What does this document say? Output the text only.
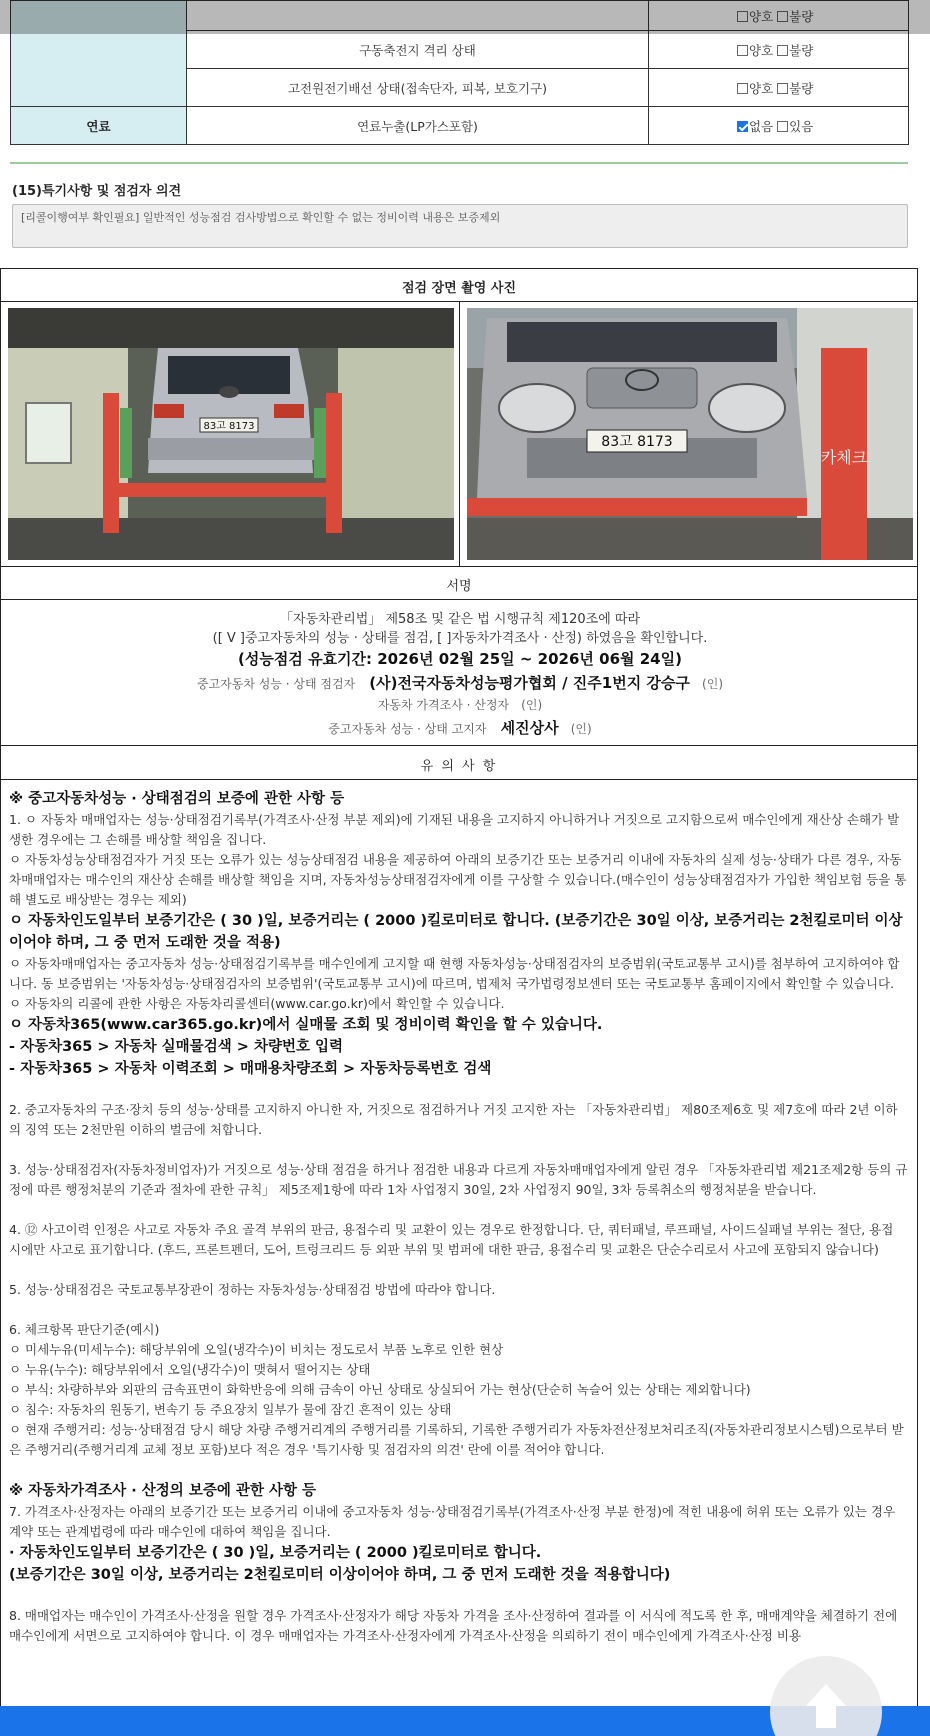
		양호 불량
	구동축전지 격리 상태	양호 불량
	고전원전기배선 상태(접속단자, 피복, 보호기구)	양호 불량
연료	연료누출(LP가스포함)	없음 있음
(15)특기사항 및 점검자 의견
[리콜이행여부 확인필요] 일반적인 성능점검 검사방법으로 확인할 수 없는 정비이력 내용은 보증제외
점검 장면 촬영 사진
83고 8173
83고 8173
카체크
서명
「자동차관리법」 제58조 및 같은 법 시행규칙 제120조에 따라
([ V ]중고자동차의 성능 · 상태를 점검, [ ]자동차가격조사 · 산정) 하였음을 확인합니다.
(성능점검 유효기간: 2026년 02월 25일 ~ 2026년 06월 24일)
중고자동차 성능 · 상태 점검자 (사)전국자동차성능평가협회 / 진주1번지 강승구 (인)
자동차 가격조사 · 산정자 (인)
중고자동차 성능 · 상태 고지자 세진상사 (인)
유 의 사 항

※ 중고자동차성능 · 상태점검의 보증에 관한 사항 등

1. ㅇ 자동차 매매업자는 성능·상태점검기록부(가격조사·산정 부분 제외)에 기재된 내용을 고지하지 아니하거나 거짓으로 고지함으로써 매수인에게 재산상 손해가 발생한 경우에는 그 손해를 배상할 책임을 집니다.

ㅇ 자동차성능상태점검자가 거짓 또는 오류가 있는 성능상태점검 내용을 제공하여 아래의 보증기간 또는 보증거리 이내에 자동차의 실제 성능·상태가 다른 경우, 자동차매매업자는 매수인의 재산상 손해를 배상할 책임을 지며, 자동차성능상태점검자에게 이를 구상할 수 있습니다.(매수인이 성능상태점검자가 가입한 책임보험 등을 통해 별도로 배상받는 경우는 제외)

ㅇ 자동차인도일부터 보증기간은 ( 30 )일, 보증거리는 ( 2000 )킬로미터로 합니다. (보증기간은 30일 이상, 보증거리는 2천킬로미터 이상이어야 하며, 그 중 먼저 도래한 것을 적용)

ㅇ 자동차매매업자는 중고자동차 성능·상태점검기록부를 매수인에게 고지할 때 현행 자동차성능·상태점검자의 보증범위(국토교통부 고시)를 첨부하여 고지하여야 합니다. 동 보증범위는 '자동차성능·상태점검자의 보증범위'(국토교통부 고시)에 따르며, 법제처 국가법령정보센터 또는 국토교통부 홈페이지에서 확인할 수 있습니다.

ㅇ 자동차의 리콜에 관한 사항은 자동차리콜센터(www.car.go.kr)에서 확인할 수 있습니다.

ㅇ 자동차365(www.car365.go.kr)에서 실매물 조회 및 정비이력 확인을 할 수 있습니다.

- 자동차365 > 자동차 실매물검색 > 차량번호 입력

- 자동차365 > 자동차 이력조회 > 매매용차량조회 > 자동차등록번호 검색

2. 중고자동차의 구조·장치 등의 성능·상태를 고지하지 아니한 자, 거짓으로 점검하거나 거짓 고지한 자는 「자동차관리법」 제80조제6호 및 제7호에 따라 2년 이하의 징역 또는 2천만원 이하의 벌금에 처합니다.

3. 성능·상태점검자(자동차정비업자)가 거짓으로 성능·상태 점검을 하거나 점검한 내용과 다르게 자동차매매업자에게 알린 경우 「자동차관리법 제21조제2항 등의 규정에 따른 행정처분의 기준과 절차에 관한 규칙」 제5조제1항에 따라 1차 사업정지 30일, 2차 사업정지 90일, 3차 등록취소의 행정처분을 받습니다.

4. ⑫ 사고이력 인정은 사고로 자동차 주요 골격 부위의 판금, 용접수리 및 교환이 있는 경우로 한정합니다. 단, 쿼터패널, 루프패널, 사이드실패널 부위는 절단, 용접 시에만 사고로 표기합니다. (후드, 프론트펜더, 도어, 트렁크리드 등 외판 부위 및 범퍼에 대한 판금, 용접수리 및 교환은 단순수리로서 사고에 포함되지 않습니다)

5. 성능·상태점검은 국토교통부장관이 정하는 자동차성능·상태점검 방법에 따라야 합니다.

6. 체크항목 판단기준(예시)

ㅇ 미세누유(미세누수): 해당부위에 오일(냉각수)이 비치는 정도로서 부품 노후로 인한 현상

ㅇ 누유(누수): 해당부위에서 오일(냉각수)이 맺혀서 떨어지는 상태

ㅇ 부식: 차량하부와 외판의 금속표면이 화학반응에 의해 금속이 아닌 상태로 상실되어 가는 현상(단순히 녹슬어 있는 상태는 제외합니다)

ㅇ 침수: 자동차의 원동기, 변속기 등 주요장치 일부가 물에 잠긴 흔적이 있는 상태

ㅇ 현재 주행거리: 성능·상태점검 당시 해당 차량 주행거리계의 주행거리를 기록하되, 기록한 주행거리가 자동차전산정보처리조직(자동차관리정보시스템)으로부터 받은 주행거리(주행거리계 교체 정보 포함)보다 적은 경우 '특기사항 및 점검자의 의견' 란에 이를 적어야 합니다.

※ 자동차가격조사 · 산정의 보증에 관한 사항 등

7. 가격조사·산정자는 아래의 보증기간 또는 보증거리 이내에 중고자동차 성능·상태점검기록부(가격조사·산정 부분 한정)에 적힌 내용에 허위 또는 오류가 있는 경우 계약 또는 관계법령에 따라 매수인에 대하여 책임을 집니다.

· 자동차인도일부터 보증기간은 ( 30 )일, 보증거리는 ( 2000 )킬로미터로 합니다.

(보증기간은 30일 이상, 보증거리는 2천킬로미터 이상이어야 하며, 그 중 먼저 도래한 것을 적용합니다)

8. 매매업자는 매수인이 가격조사·산정을 원할 경우 가격조사·산정자가 해당 자동차 가격을 조사·산정하여 결과를 이 서식에 적도록 한 후, 매매계약을 체결하기 전에 매수인에게 서면으로 고지하여야 합니다. 이 경우 매매업자는 가격조사·산정자에게 가격조사·산정을 의뢰하기 전이 매수인에게 가격조사·산정 비용
